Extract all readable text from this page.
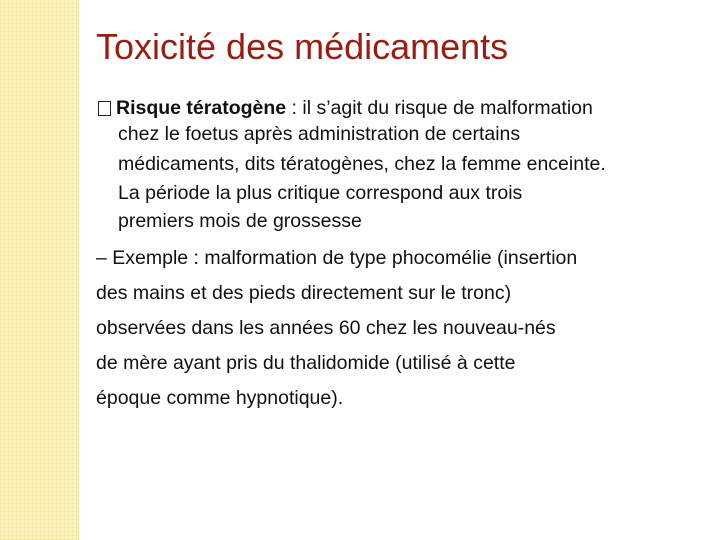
Toxicité des médicaments
Risque tératogène : il s’agit du risque de malformation
chez le foetus après administration de certains
médicaments, dits tératogènes, chez la femme enceinte.
La période la plus critique correspond aux trois
premiers mois de grossesse
– Exemple : malformation de type phocomélie (insertion
des mains et des pieds directement sur le tronc)
observées dans les années 60 chez les nouveau-nés
de mère ayant pris du thalidomide (utilisé à cette
époque comme hypnotique).
